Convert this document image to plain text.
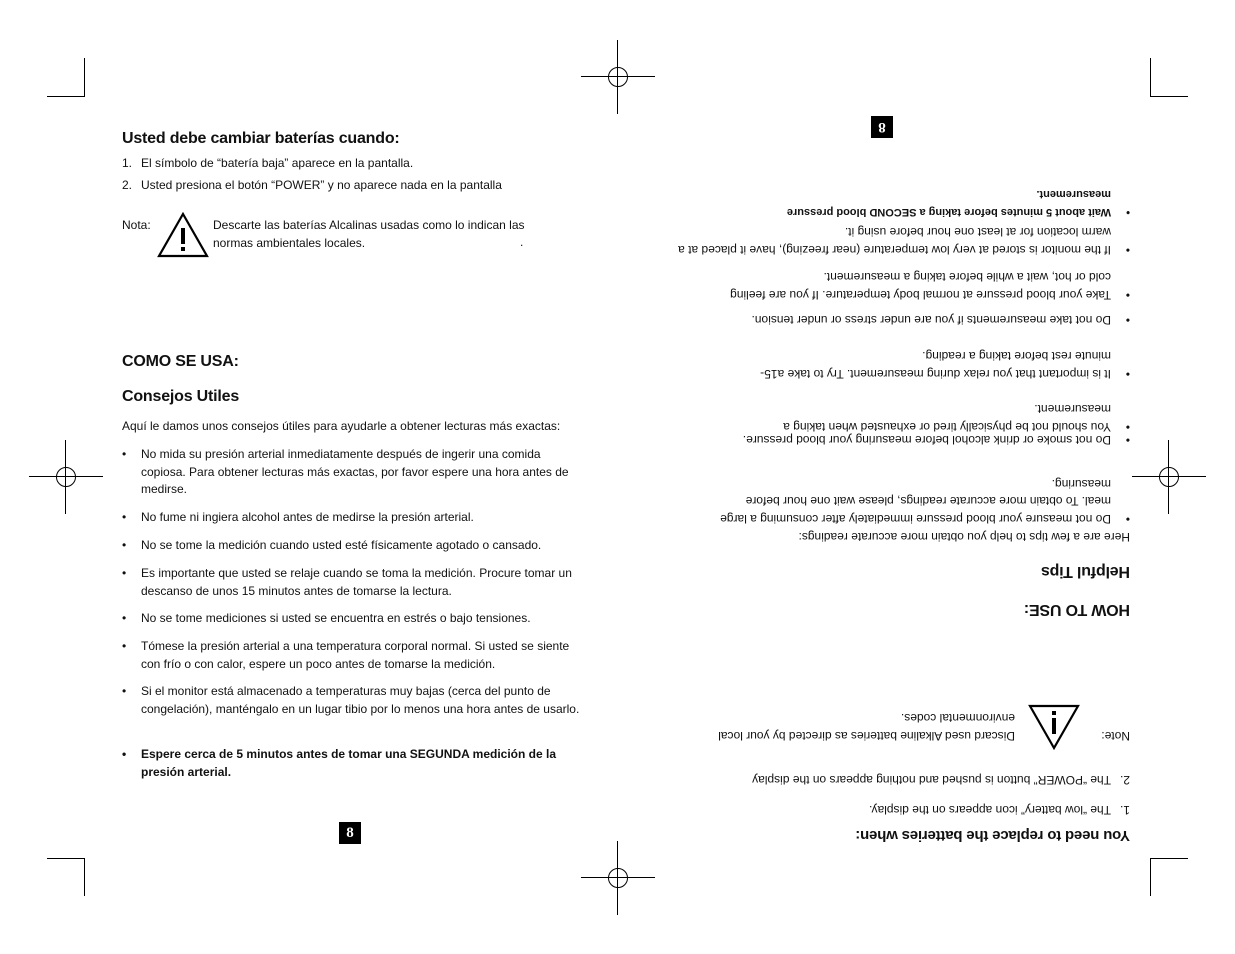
Usted debe cambiar baterías cuando:
1. El símbolo de “batería baja” aparece en la pantalla.
2. Usted presiona el botón “POWER” y no aparece nada en la pantalla
Nota:	Descarte las baterías Alcalinas usadas como lo indican las normas ambientales locales.	.
COMO SE USA:
Consejos Utiles
Aquí le damos unos consejos útiles para ayudarle a obtener lecturas más exactas:
• No mida su presión arterial inmediatamente después de ingerir una comida copiosa. Para obtener lecturas más exactas, por favor espere una hora antes de medirse.
• No fume ni ingiera alcohol antes de medirse la presión arterial.
• No se tome la medición cuando usted esté físicamente agotado o cansado.
• Es importante que usted se relaje cuando se toma la medición. Procure tomar un descanso de unos 15 minutos antes de tomarse la lectura.
• No se tome mediciones si usted se encuentra en estrés o bajo tensiones.
• Tómese la presión arterial a una temperatura corporal normal. Si usted se siente con frío o con calor, espere un poco antes de tomarse la medición.
• Si el monitor está almacenado a temperaturas muy bajas (cerca del punto de congelación), manténgalo en un lugar tibio por lo menos una hora antes de usarlo.
• Espere cerca de 5 minutos antes de tomar una SEGUNDA medición de la presión arterial.
8	You need to replace the batteries when:
1.
The “low battery” icon appears on the display.
2.
The “POWER” button is pushed and nothing appears on the display
Note:
Discard used Alkaline batteries as directed by your local environmental codes.
HOW TO USE:
Helpful Tips
Here are a few tips to help you obtain more accurate readings:
•
Do not measure your blood pressure immediately after consuming a large meal. To obtain more accurate readings, please wait one hour before measuring.
•
Do not smoke or drink alcohol before measuring your blood pressure.
•
You should not be physically tired or exhausted when taking a measurement.
•
It is important that you relax during measurement. Try to take a15-minute rest before taking a reading.
•
Do not take measurements if you are under stress or under tension.
•
Take your blood pressure at normal body temperature. If you are feeling cold or hot, wait a while before taking a measurement.
•
If the monitor is stored at very low temperature (near freezing), have it placed at a warm location for at least one hour before using it.
•
Wait about 5 minutes before taking a SECOND blood pressure measurement.
8
